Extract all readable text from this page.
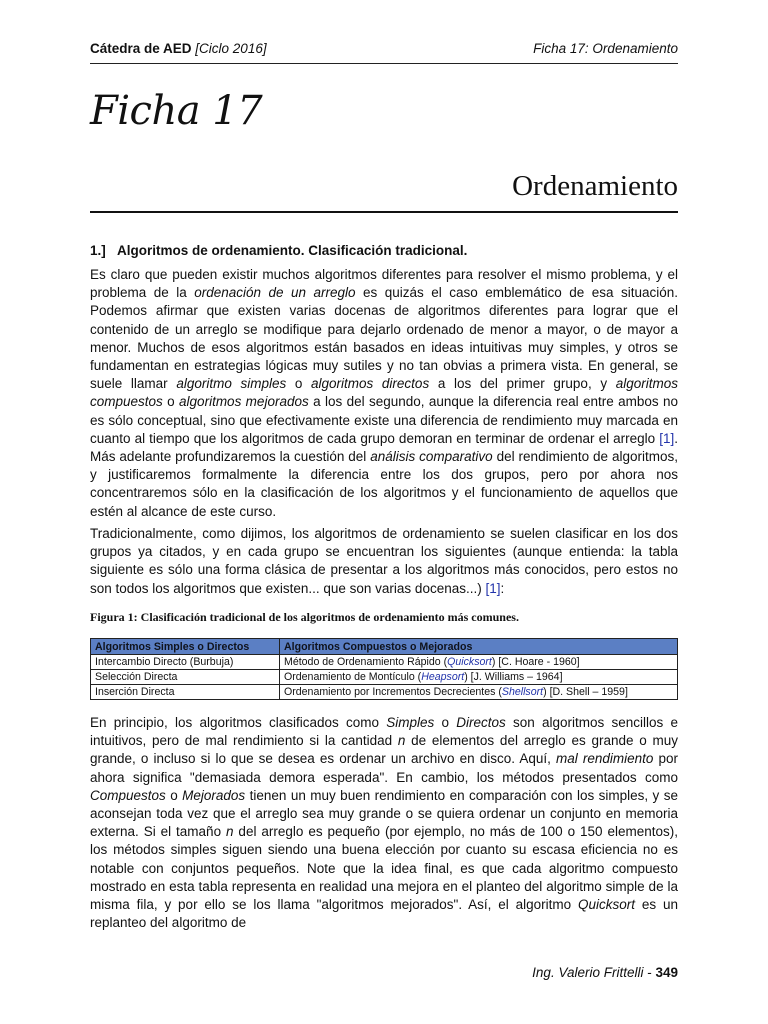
Cátedra de AED [Ciclo 2016]	Ficha 17: Ordenamiento
Ficha 17
Ordenamiento
1.] Algoritmos de ordenamiento. Clasificación tradicional.

Es claro que pueden existir muchos algoritmos diferentes para resolver el mismo problema, y el problema de la ordenación de un arreglo es quizás el caso emblemático de esa situación. Podemos afirmar que existen varias docenas de algoritmos diferentes para lograr que el contenido de un arreglo se modifique para dejarlo ordenado de menor a mayor, o de mayor a menor. Muchos de esos algoritmos están basados en ideas intuitivas muy simples, y otros se fundamentan en estrategias lógicas muy sutiles y no tan obvias a primera vista. En general, se suele llamar algoritmo simples o algoritmos directos a los del primer grupo, y algoritmos compuestos o algoritmos mejorados a los del segundo, aunque la diferencia real entre ambos no es sólo conceptual, sino que efectivamente existe una diferencia de rendimiento muy marcada en cuanto al tiempo que los algoritmos de cada grupo demoran en terminar de ordenar el arreglo [1]. Más adelante profundizaremos la cuestión del análisis comparativo del rendimiento de algoritmos, y justificaremos formalmente la diferencia entre los dos grupos, pero por ahora nos concentraremos sólo en la clasificación de los algoritmos y el funcionamiento de aquellos que estén al alcance de este curso.

Tradicionalmente, como dijimos, los algoritmos de ordenamiento se suelen clasificar en los dos grupos ya citados, y en cada grupo se encuentran los siguientes (aunque entienda: la tabla siguiente es sólo una forma clásica de presentar a los algoritmos más conocidos, pero estos no son todos los algoritmos que existen... que son varias docenas...) [1]:

Figura 1: Clasificación tradicional de los algoritmos de ordenamiento más comunes.
Algoritmos Simples o Directos	Algoritmos Compuestos o Mejorados
Intercambio Directo (Burbuja)	Método de Ordenamiento Rápido (Quicksort) [C. Hoare - 1960]
Selección Directa	Ordenamiento de Montículo (Heapsort) [J. Williams – 1964]
Inserción Directa	Ordenamiento por Incrementos Decrecientes (Shellsort) [D. Shell – 1959]

En principio, los algoritmos clasificados como Simples o Directos son algoritmos sencillos e intuitivos, pero de mal rendimiento si la cantidad n de elementos del arreglo es grande o muy grande, o incluso si lo que se desea es ordenar un archivo en disco. Aquí, mal rendimiento por ahora significa "demasiada demora esperada". En cambio, los métodos presentados como Compuestos o Mejorados tienen un muy buen rendimiento en comparación con los simples, y se aconsejan toda vez que el arreglo sea muy grande o se quiera ordenar un conjunto en memoria externa. Si el tamaño n del arreglo es pequeño (por ejemplo, no más de 100 o 150 elementos), los métodos simples siguen siendo una buena elección por cuanto su escasa eficiencia no es notable con conjuntos pequeños. Note que la idea final, es que cada algoritmo compuesto mostrado en esta tabla representa en realidad una mejora en el planteo del algoritmo simple de la misma fila, y por ello se los llama "algoritmos mejorados". Así, el algoritmo Quicksort es un replanteo del algoritmo de

Ing. Valerio Frittelli - 349
